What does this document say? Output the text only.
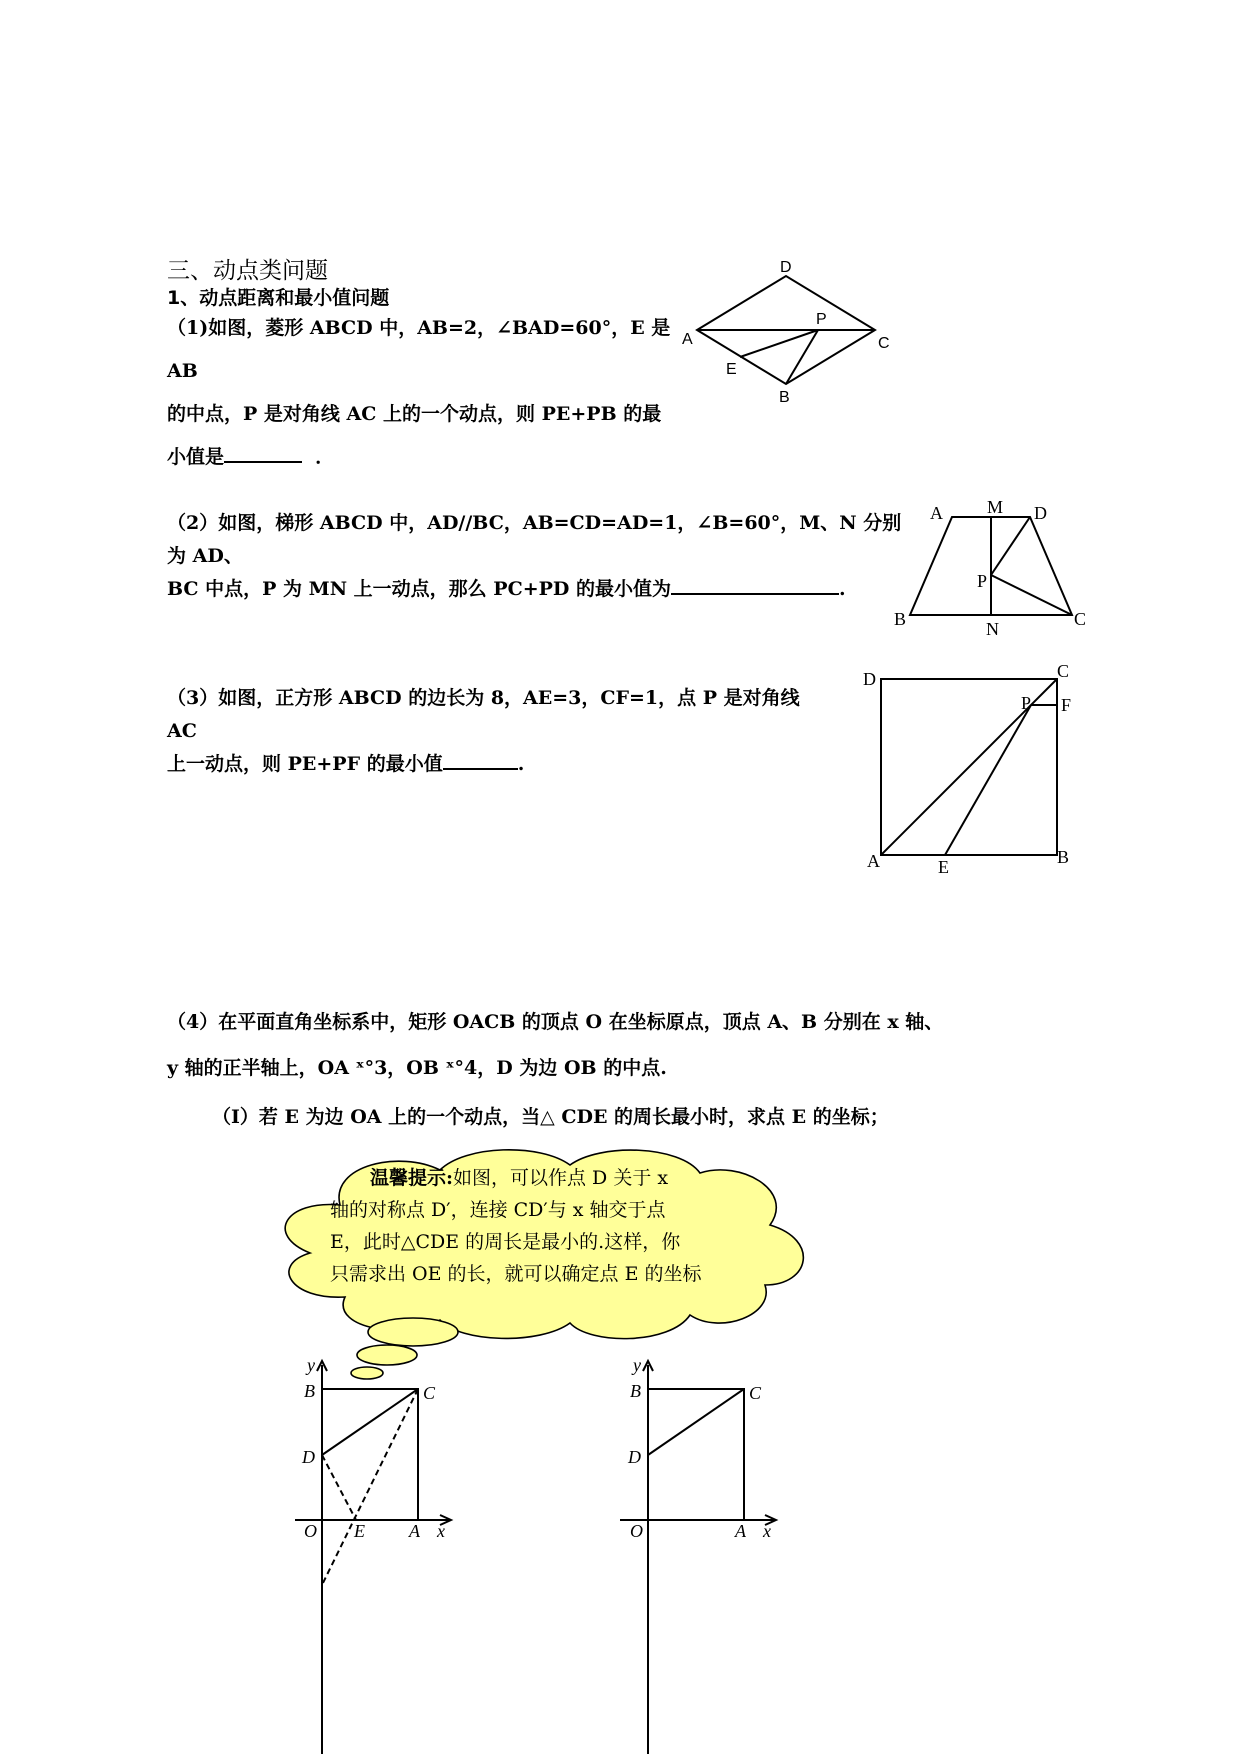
三、动点类问题
1、动点距离和最小值问题
（1)如图，菱形 ABCD 中，AB=2，∠BAD=60°，E 是 AB
的中点，P 是对角线 AC 上的一个动点，则 PE+PB 的最
小值是	．
D
A
P
C
E
B
（2）如图，梯形 ABCD 中，AD//BC，AB=CD=AD=1，∠B=60°，M、N 分别为 AD、
BC 中点，P 为 MN 上一动点，那么 PC+PD 的最小值为	.
A M D
P
B	N	C
（3）如图，正方形 ABCD 的边长为 8，AE=3，CF=1，点 P 是对角线 AC
上一动点，则 PE+PF 的最小值	.
D	C
P F
A	E	B
（4）在平面直角坐标系中，矩形 OACB 的顶点 O 在坐标原点，顶点 A、B 分别在 x 轴、
y 轴的正半轴上，OA ˣ°3，OB ˣ°4，D 为边 OB 的中点.
（Ⅰ）若 E 为边 OA 上的一个动点，当△ CDE 的周长最小时，求点 E 的坐标；
温馨提示:如图，可以作点 D 关于 x
轴的对称点 D′，连接 CD′与 x 轴交于点
E，此时△CDE 的周长是最小的.这样，你
只需求出 OE 的长，就可以确定点 E 的坐标
y
B	C
D
O E A x
y
B	C
D
O	A x
